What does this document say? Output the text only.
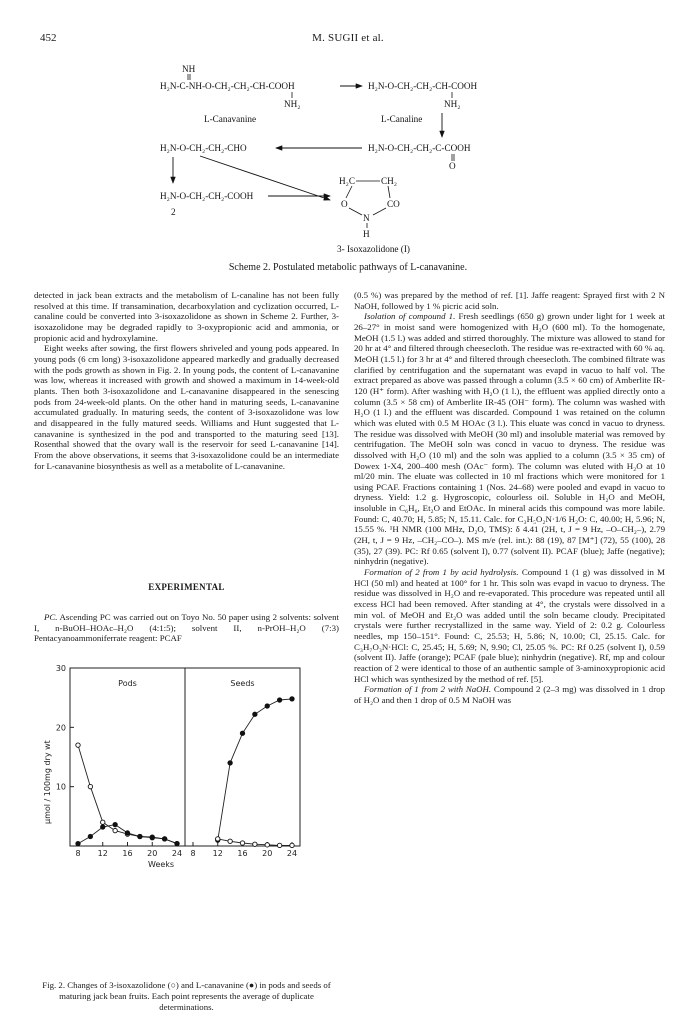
452	M. SUGII et al.
NH
H₂N-C-NH-O-CH₂-CH₂-CH-COOH
NH₂
L-Canavanine
H₂N-O-CH₂-CH₂-CH-COOH
NH₂
L-Canaline
H₂N-O-CH₂-CH₂-C-COOH
O
H₂N-O-CH₂-CH₂-CHO
H₂N-O-CH₂-CH₂-COOH
2
H₂C	CH₂
O	CO
N
H
3- Isoxazolidone (I)
Scheme 2. Postulated metabolic pathways of L-canavanine.

detected in jack bean extracts and the metabolism of L-canaline has not been fully resolved at this time. If transamination, decarboxylation and cyclization occurred, L-canaline could be converted into 3-isoxazolidone as shown in Scheme 2. Further, 3-isoxazolidone may be degraded rapidly to 3-oxypropionic acid and ammonia, or propionic acid and hydroxylamine.

Eight weeks after sowing, the first flowers shriveled and young pods appeared. In young pods (6 cm long) 3-isoxazolidone appeared markedly and gradually decreased with the pods growth as shown in Fig. 2. In young pods, the content of L-canavanine was low, whereas it increased with growth and showed a maximum in 14-week-old plants. Then both 3-isoxazolidone and L-canavanine disappeared in the senescing pods from 24-week-old plants. On the other hand in maturing seeds, L-canavanine accumulated gradually. In maturing seeds, the content of 3-isoxazolidone was low and disappeared in the fully matured seeds. Williams and Hunt suggested that L-canavanine is synthesized in the pod and transported to the maturing seed [13]. Rosenthal showed that the ovary wall is the reservoir for seed L-canavanine [14]. From the above observations, it seems that 3-isoxazolidone could be an intermediate for L-canavanine biosynthesis as well as a metabolite of L-canavanine.

EXPERIMENTAL

PC. Ascending PC was carried out on Toyo No. 50 paper using 2 solvents: solvent I, n-BuOH–HOAc–H₂O (4:1:5); solvent II, n-PrOH–H₂O (7:3) Pentacyanoammoniferrate reagent: PCAF

μmol / 100mg dry wt
Weeks
30
20
10
Pods
8 12 16 20 24
Seeds
8 12 16 20 24
Fig. 2. Changes of 3-isoxazolidone (○) and L-canavanine (●) in pods and seeds of maturing jack bean fruits. Each point represents the average of duplicate determinations.

(0.5 %) was prepared by the method of ref. [1]. Jaffe reagent: Sprayed first with 2 N NaOH, followed by 1 % picric acid soln.

Isolation of compound 1. Fresh seedlings (650 g) grown under light for 1 week at 26–27° in moist sand were homogenized with H₂O (600 ml). To the homogenate, MeOH (1.5 l.) was added and stirred thoroughly. The mixture was allowed to stand for 20 hr at 4° and filtered through cheesecloth. The residue was re-extracted with 60 % aq. MeOH (1.5 l.) for 3 hr at 4° and filtered through cheesecloth. The combined filtrate was clarified by centrifugation and the supernatant was evapd in vacuo to half vol. The extract prepared as above was passed through a column (3.5 × 60 cm) of Amberlite IR-120 (H⁺ form). After washing with H₂O (1 l.), the effluent was applied directly onto a column (3.5 × 58 cm) of Amberlite IR-45 (OH⁻ form). The column was washed with H₂O (1 l.) and the effluent was discarded. Compound 1 was retained on the column which was eluted with 0.5 M HOAc (3 l.). This eluate was concd in vacuo to dryness. The residue was dissolved with MeOH (30 ml) and insoluble material was removed by centrifugation. The MeOH soln was concd in vacuo to dryness. The residue was dissolved with H₂O (10 ml) and the soln was applied to a column (3.5 × 35 cm) of Dowex 1-X4, 200–400 mesh (OAc⁻ form). The column was eluted with H₂O at 10 ml/20 min. The eluate was collected in 10 ml fractions which were monitored for 1 using PCAF. Fractions containing 1 (Nos. 24–68) were pooled and evapd in vacuo to dryness. Yield: 1.2 g. Hygroscopic, colourless oil. Soluble in H₂O and MeOH, insoluble in C₆H₆, Et₂O and EtOAc. In mineral acids this compound was more labile. Found: C, 40.70; H, 5.85; N, 15.11. Calc. for C₃H₅O₂N·1/6 H₂O: C, 40.00; H, 5.96; N, 15.55 %. ¹H NMR (100 MHz, D₂O, TMS): δ 4.41 (2H, t, J = 9 Hz, –O–CH₂–), 2.79 (2H, t, J = 9 Hz, –CH₂–CO–). MS m/e (rel. int.): 88 (19), 87 [M⁺] (72), 55 (100), 28 (35), 27 (39). PC: Rf 0.65 (solvent I), 0.77 (solvent II). PCAF (blue); Jaffe (negative); ninhydrin (negative).

Formation of 2 from 1 by acid hydrolysis. Compound 1 (1 g) was dissolved in M HCl (50 ml) and heated at 100° for 1 hr. This soln was evapd in vacuo to dryness. The residue was dissolved in H₂O and re-evaporated. This procedure was repeated until all excess HCl had been removed. After standing at 4°, the crystals were dissolved in a min vol. of MeOH and Et₂O was added until the soln became cloudy. Precipitated crystals were further recrystallized in the same way. Yield of 2: 0.2 g. Colourless needles, mp 150–151°. Found: C, 25.53; H, 5.86; N, 10.00; Cl, 25.15. Calc. for C₃H₇O₃N·HCl: C, 25.45; H, 5.69; N, 9.90; Cl, 25.05 %. PC: Rf 0.25 (solvent I), 0.59 (solvent II). Jaffe (orange); PCAF (pale blue); ninhydrin (negative). Rf, mp and colour reaction of 2 were identical to those of an authentic sample of 3-aminoxypropionic acid HCl which was synthesized by the method of ref. [5].

Formation of 1 from 2 with NaOH. Compound 2 (2–3 mg) was dissolved in 1 drop of H₂O and then 1 drop of 0.5 M NaOH was
